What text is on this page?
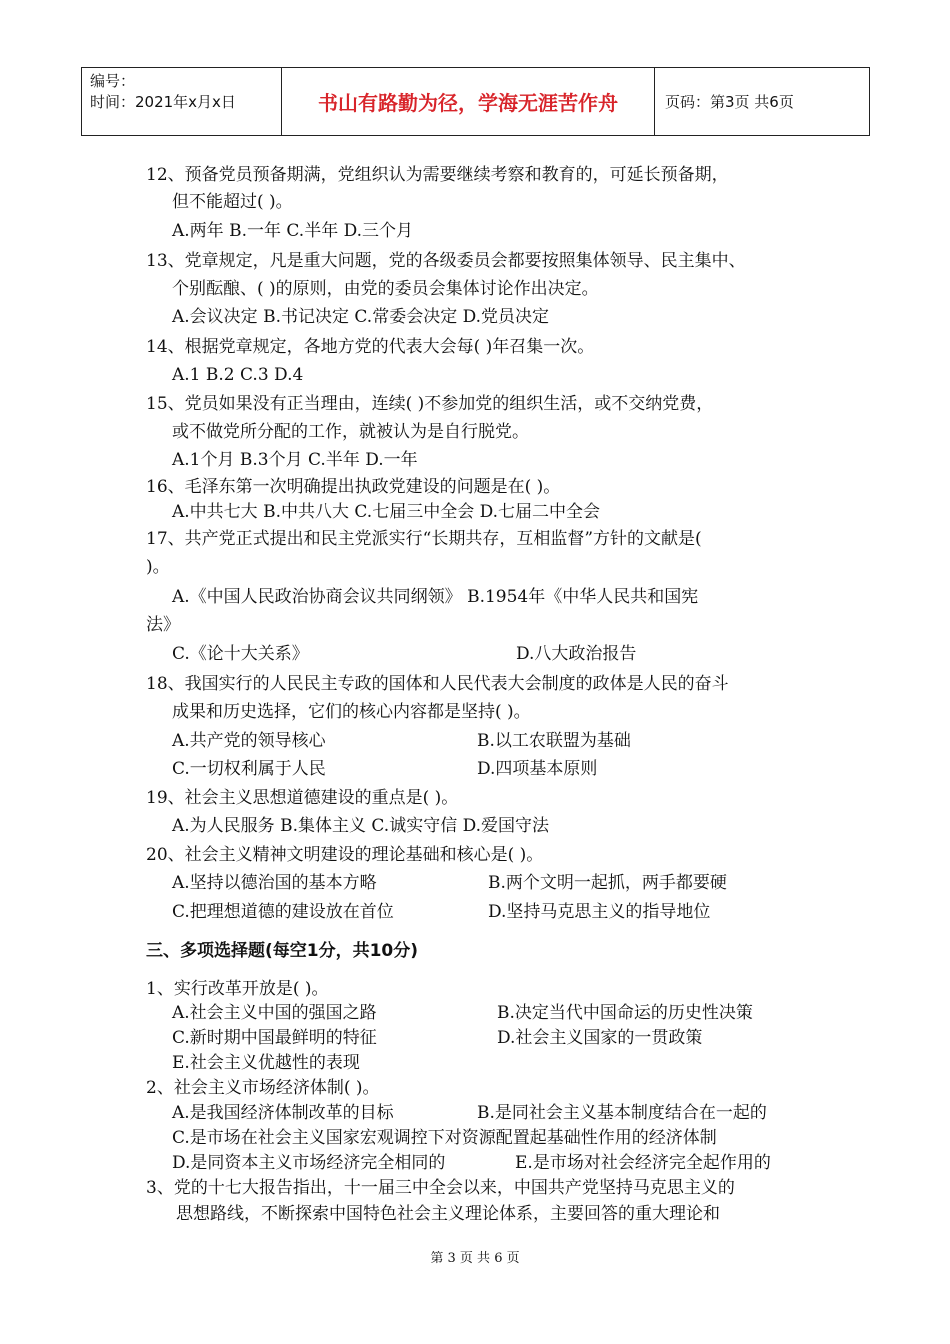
编号：
时间：2021年x月x日	书山有路勤为径，学海无涯苦作舟	页码：第3页 共6页
12、预备党员预备期满，党组织认为需要继续考察和教育的，可延长预备期，
但不能超过( )。
A.两年 B.一年 C.半年 D.三个月
13、党章规定，凡是重大问题，党的各级委员会都要按照集体领导、民主集中、
个别酝酿、( )的原则，由党的委员会集体讨论作出决定。
A.会议决定 B.书记决定 C.常委会决定 D.党员决定
14、根据党章规定，各地方党的代表大会每( )年召集一次。
A.1 B.2 C.3 D.4
15、党员如果没有正当理由，连续( )不参加党的组织生活，或不交纳党费，
或不做党所分配的工作，就被认为是自行脱党。
A.1个月 B.3个月 C.半年 D.一年
16、毛泽东第一次明确提出执政党建设的问题是在( )。
A.中共七大 B.中共八大 C.七届三中全会 D.七届二中全会
17、共产党正式提出和民主党派实行“长期共存，互相监督”方针的文献是(
)。
A.《中国人民政治协商会议共同纲领》 B.1954年《中华人民共和国宪
法》
C.《论十大关系》	D.八大政治报告
18、我国实行的人民民主专政的国体和人民代表大会制度的政体是人民的奋斗
成果和历史选择，它们的核心内容都是坚持( )。
A.共产党的领导核心	B.以工农联盟为基础
C.一切权利属于人民	D.四项基本原则
19、社会主义思想道德建设的重点是( )。
A.为人民服务 B.集体主义 C.诚实守信 D.爱国守法
20、社会主义精神文明建设的理论基础和核心是( )。
A.坚持以德治国的基本方略	B.两个文明一起抓，两手都要硬
C.把理想道德的建设放在首位	D.坚持马克思主义的指导地位
三、多项选择题(每空1分，共10分)
1、实行改革开放是( )。
A.社会主义中国的强国之路	B.决定当代中国命运的历史性决策
C.新时期中国最鲜明的特征	D.社会主义国家的一贯政策
E.社会主义优越性的表现
2、社会主义市场经济体制( )。
A.是我国经济体制改革的目标	B.是同社会主义基本制度结合在一起的
C.是市场在社会主义国家宏观调控下对资源配置起基础性作用的经济体制
D.是同资本主义市场经济完全相同的	E.是市场对社会经济完全起作用的
3、党的十七大报告指出，十一届三中全会以来，中国共产党坚持马克思主义的
思想路线，不断探索中国特色社会主义理论体系，主要回答的重大理论和
第 3 页 共 6 页
